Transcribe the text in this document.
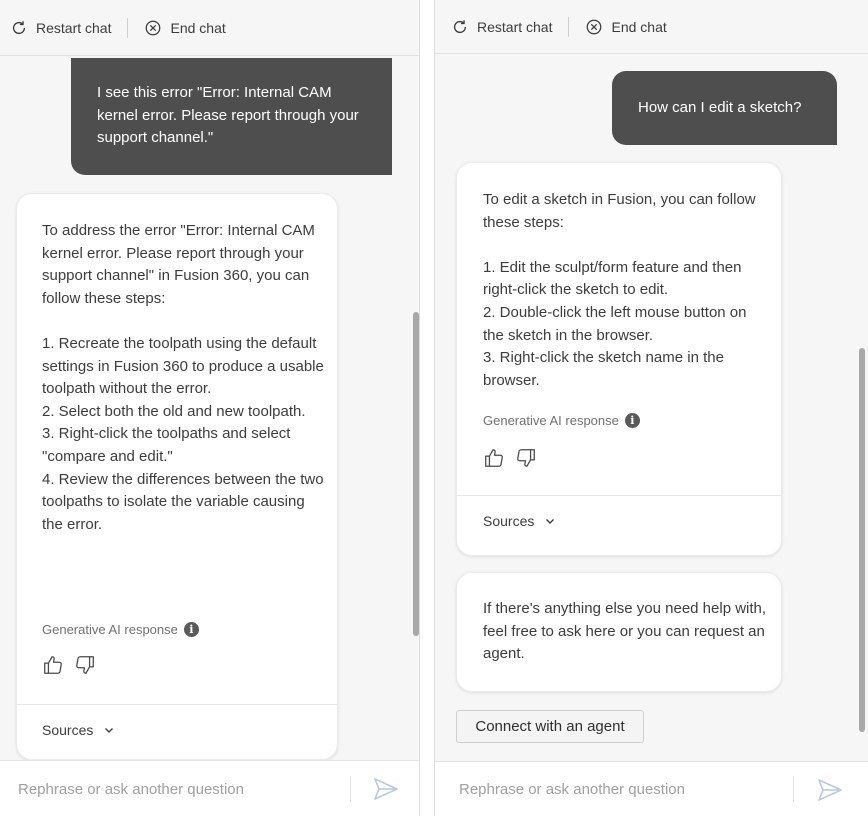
Restart chat	End chat
I see this error "Error: Internal CAM kernel error. Please report through your support channel."
To address the error "Error: Internal CAM kernel error. Please report through your support channel" in Fusion 360, you can follow these steps:

1. Recreate the toolpath using the default settings in Fusion 360 to produce a usable toolpath without the error.
2. Select both the old and new toolpath.
3. Right-click the toolpaths and select "compare and edit."
4. Review the differences between the two toolpaths to isolate the variable causing the error.
Generative AI response	i
Sources
Rephrase or ask another question
Restart chat	End chat
How can I edit a sketch?
To edit a sketch in Fusion, you can follow these steps:

1. Edit the sculpt/form feature and then right-click the sketch to edit.
2. Double-click the left mouse button on the sketch in the browser.
3. Right-click the sketch name in the browser.
Generative AI response	i
Sources
If there's anything else you need help with, feel free to ask here or you can request an agent.
Connect with an agent
Rephrase or ask another question
